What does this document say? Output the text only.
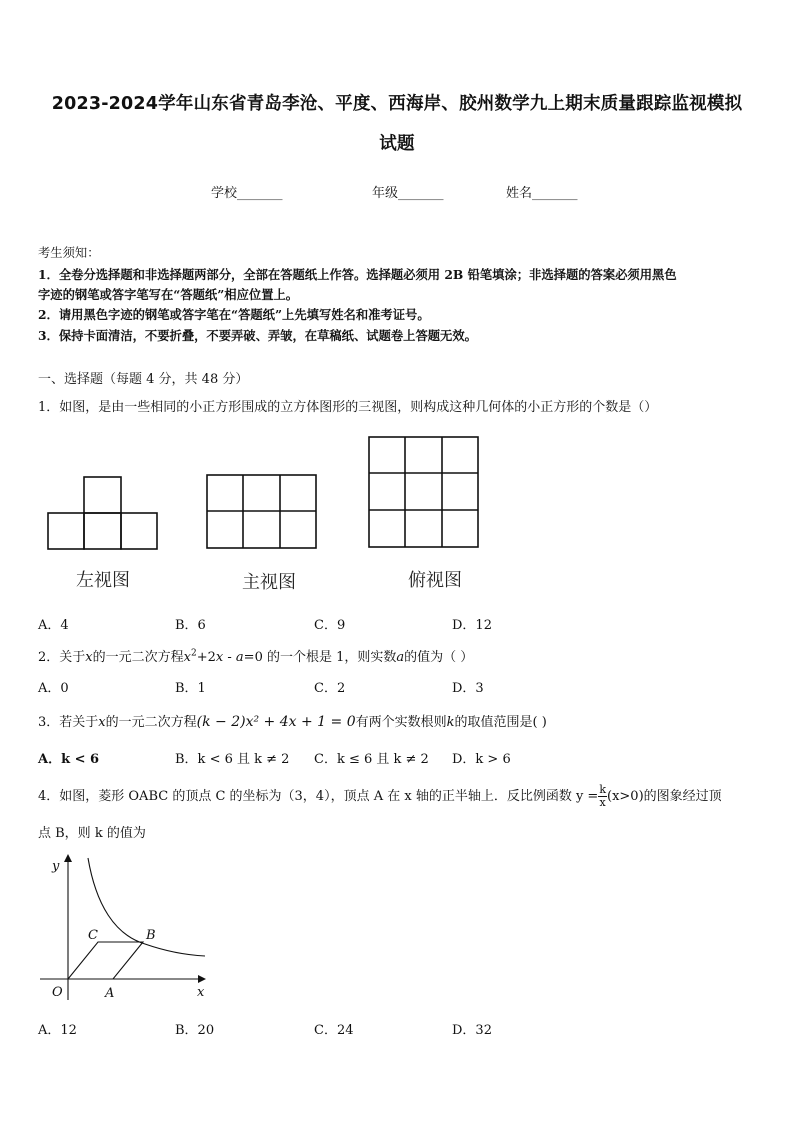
2023-2024学年山东省青岛李沧、平度、西海岸、胶州数学九上期末质量跟踪监视模拟
试题
学校_______	年级_______	姓名_______
考生须知：
1．全卷分选择题和非选择题两部分，全部在答题纸上作答。选择题必须用 2B 铅笔填涂；非选择题的答案必须用黑色
字迹的钢笔或答字笔写在“答题纸”相应位置上。
2．请用黑色字迹的钢笔或答字笔在“答题纸”上先填写姓名和准考证号。
3．保持卡面清洁，不要折叠，不要弄破、弄皱，在草稿纸、试题卷上答题无效。
一、选择题（每题 4 分，共 48 分）
1．如图，是由一些相同的小正方形围成的立方体图形的三视图，则构成这种几何体的小正方形的个数是（）
左视图	主视图	俯视图
A．4	B．6	C．9	D．12
2．关于x的一元二次方程$x^2+2x - a=0$ 的一个根是 1，则实数a的值为（ ）
A．0	B．1	C．2	D．3
3．若关于x的一元二次方程(k − 2)x² + 4x + 1 = 0有两个实数根则k的取值范围是( )
A．k < 6	B．k < 6 且 k ≠ 2 C．k ≤ 6 且 k ≠ 2 D．k > 6
4．如图，菱形 OABC 的顶点 C 的坐标为（3，4），顶点 A 在 x 轴的正半轴上．反比例函数 $y = \frac{k}{x}(x>0)$的图象经过顶
点 B，则 k 的值为
y
x
O	A
B
C
A．12	B．20	C．24	D．32
